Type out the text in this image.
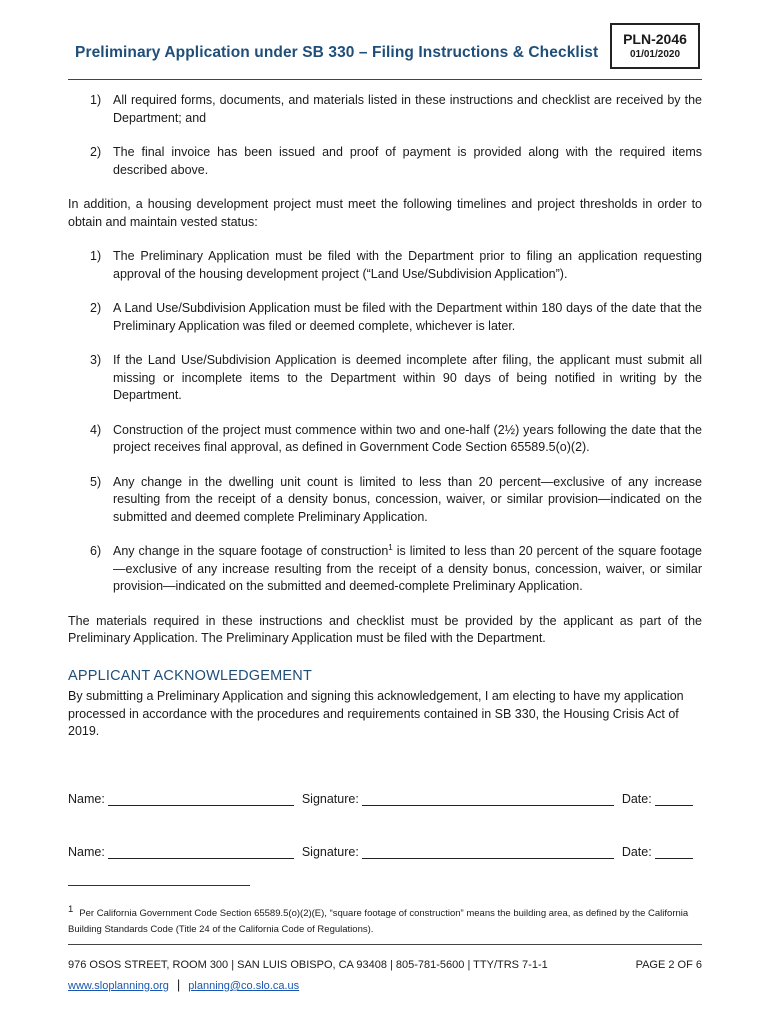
Preliminary Application under SB 330 – Filing Instructions & Checklist
PLN-2046
01/01/2020
1) All required forms, documents, and materials listed in these instructions and checklist are received by the Department; and
2) The final invoice has been issued and proof of payment is provided along with the required items described above.

In addition, a housing development project must meet the following timelines and project thresholds in order to obtain and maintain vested status:

1) The Preliminary Application must be filed with the Department prior to filing an application requesting approval of the housing development project (“Land Use/Subdivision Application”).
2) A Land Use/Subdivision Application must be filed with the Department within 180 days of the date that the Preliminary Application was filed or deemed complete, whichever is later.
3) If the Land Use/Subdivision Application is deemed incomplete after filing, the applicant must submit all missing or incomplete items to the Department within 90 days of being notified in writing by the Department.
4) Construction of the project must commence within two and one-half (2½) years following the date that the project receives final approval, as defined in Government Code Section 65589.5(o)(2).
5) Any change in the dwelling unit count is limited to less than 20 percent—exclusive of any increase resulting from the receipt of a density bonus, concession, waiver, or similar provision—indicated on the submitted and deemed complete Preliminary Application.
6) Any change in the square footage of construction$^1$ is limited to less than 20 percent of the square footage—exclusive of any increase resulting from the receipt of a density bonus, concession, waiver, or similar provision—indicated on the submitted and deemed-complete Preliminary Application.

The materials required in these instructions and checklist must be provided by the applicant as part of the Preliminary Application. The Preliminary Application must be filed with the Department.

APPLICANT ACKNOWLEDGEMENT

By submitting a Preliminary Application and signing this acknowledgement, I am electing to have my application processed in accordance with the procedures and requirements contained in SB 330, the Housing Crisis Act of 2019.

Name:	Signature:	Date:
Name:	Signature:	Date:
1 Per California Government Code Section 65589.5(o)(2)(E), “square footage of construction” means the building area, as defined by the California Building Standards Code (Title 24 of the California Code of Regulations).
976 OSOS STREET, ROOM 300 | SAN LUIS OBISPO, CA 93408 | 805-781-5600 | TTY/TRS 7-1-1	PAGE 2 OF 6
www.sloplanning.org | planning@co.slo.ca.us
